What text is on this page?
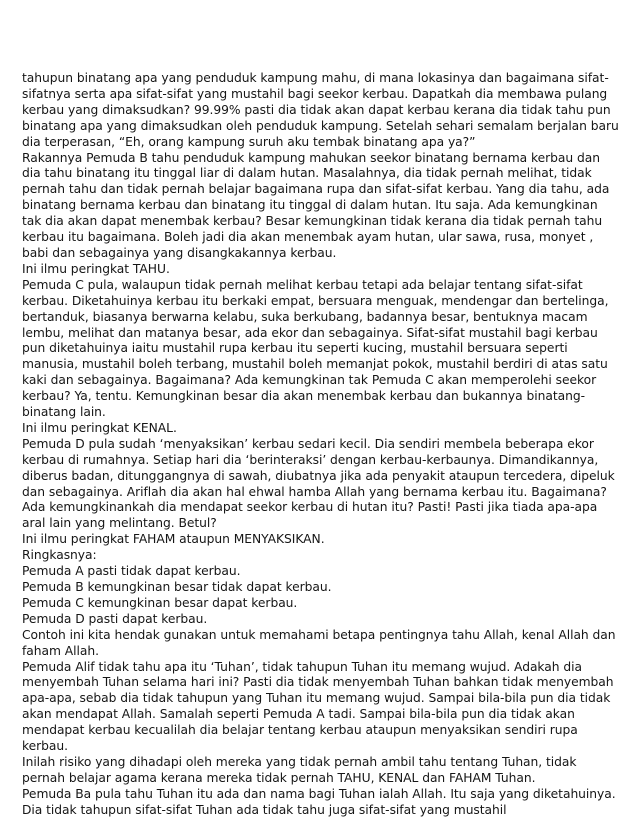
tahupun binatang apa yang penduduk kampung mahu, di mana lokasinya dan bagaimana sifat-sifatnya serta apa sifat-sifat yang mustahil bagi seekor kerbau. Dapatkah dia membawa pulang kerbau yang dimaksudkan? 99.99% pasti dia tidak akan dapat kerbau kerana dia tidak tahu pun binatang apa yang dimaksudkan oleh penduduk kampung. Setelah sehari semalam berjalan baru dia terperasan, “Eh, orang kampung suruh aku tembak binatang apa ya?”

Rakannya Pemuda B tahu penduduk kampung mahukan seekor binatang bernama kerbau dan dia tahu binatang itu tinggal liar di dalam hutan. Masalahnya, dia tidak pernah melihat, tidak pernah tahu dan tidak pernah belajar bagaimana rupa dan sifat-sifat kerbau. Yang dia tahu, ada binatang bernama kerbau dan binatang itu tinggal di dalam hutan. Itu saja. Ada kemungkinan tak dia akan dapat menembak kerbau? Besar kemungkinan tidak kerana dia tidak pernah tahu kerbau itu bagaimana. Boleh jadi dia akan menembak ayam hutan, ular sawa, rusa, monyet , babi dan sebagainya yang disangkakannya kerbau.

Ini ilmu peringkat TAHU.

Pemuda C pula, walaupun tidak pernah melihat kerbau tetapi ada belajar tentang sifat-sifat kerbau. Diketahuinya kerbau itu berkaki empat, bersuara menguak, mendengar dan bertelinga, bertanduk, biasanya berwarna kelabu, suka berkubang, badannya besar, bentuknya macam lembu, melihat dan matanya besar, ada ekor dan sebagainya. Sifat-sifat mustahil bagi kerbau pun diketahuinya iaitu mustahil rupa kerbau itu seperti kucing, mustahil bersuara seperti manusia, mustahil boleh terbang, mustahil boleh memanjat pokok, mustahil berdiri di atas satu kaki dan sebagainya. Bagaimana? Ada kemungkinan tak Pemuda C akan memperolehi seekor kerbau? Ya, tentu. Kemungkinan besar dia akan menembak kerbau dan bukannya binatang-binatang lain.

Ini ilmu peringkat KENAL.

Pemuda D pula sudah ‘menyaksikan’ kerbau sedari kecil. Dia sendiri membela beberapa ekor kerbau di rumahnya. Setiap hari dia ‘berinteraksi’ dengan kerbau-kerbaunya. Dimandikannya, diberus badan, ditunggangnya di sawah, diubatnya jika ada penyakit ataupun tercedera, dipeluk dan sebagainya. Ariflah dia akan hal ehwal hamba Allah yang bernama kerbau itu. Bagaimana? Ada kemungkinankah dia mendapat seekor kerbau di hutan itu? Pasti! Pasti jika tiada apa-apa aral lain yang melintang. Betul?

Ini ilmu peringkat FAHAM ataupun MENYAKSIKAN.

Ringkasnya:

Pemuda A pasti tidak dapat kerbau.

Pemuda B kemungkinan besar tidak dapat kerbau.

Pemuda C kemungkinan besar dapat kerbau.

Pemuda D pasti dapat kerbau.

Contoh ini kita hendak gunakan untuk memahami betapa pentingnya tahu Allah, kenal Allah dan faham Allah.

Pemuda Alif tidak tahu apa itu ‘Tuhan’, tidak tahupun Tuhan itu memang wujud. Adakah dia menyembah Tuhan selama hari ini? Pasti dia tidak menyembah Tuhan bahkan tidak menyembah apa-apa, sebab dia tidak tahupun yang Tuhan itu memang wujud. Sampai bila-bila pun dia tidak akan mendapat Allah. Samalah seperti Pemuda A tadi. Sampai bila-bila pun dia tidak akan mendapat kerbau kecualilah dia belajar tentang kerbau ataupun menyaksikan sendiri rupa kerbau.

Inilah risiko yang dihadapi oleh mereka yang tidak pernah ambil tahu tentang Tuhan, tidak pernah belajar agama kerana mereka tidak pernah TAHU, KENAL dan FAHAM Tuhan.

Pemuda Ba pula tahu Tuhan itu ada dan nama bagi Tuhan ialah Allah. Itu saja yang diketahuinya. Dia tidak tahupun sifat-sifat Tuhan ada tidak tahu juga sifat-sifat yang mustahil
